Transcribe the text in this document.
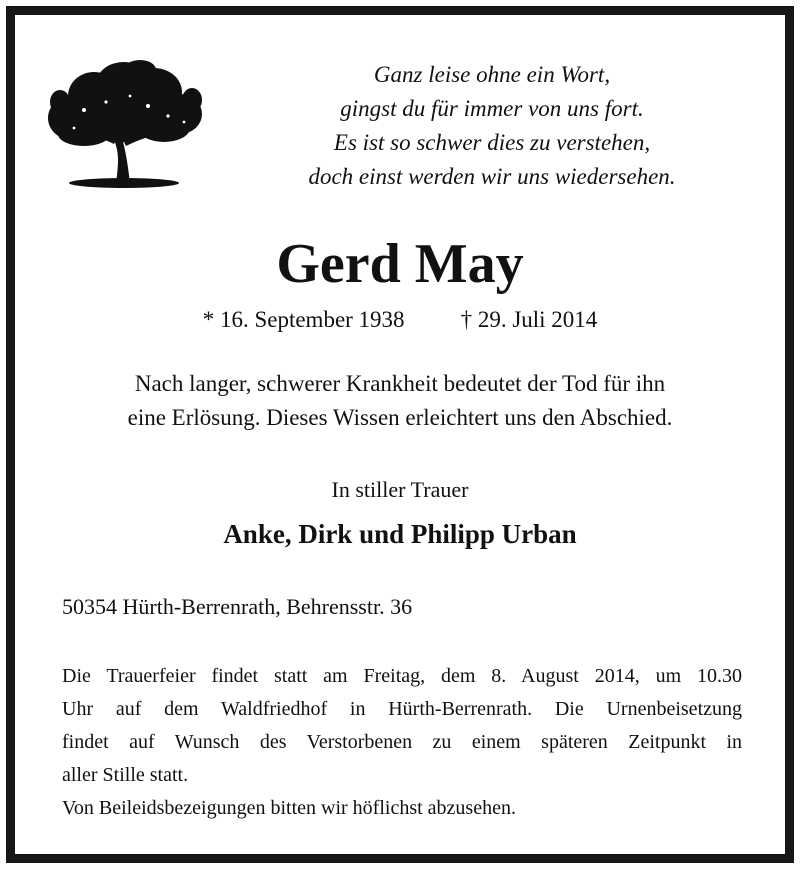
Ganz leise ohne ein Wort,
gingst du für immer von uns fort.
Es ist so schwer dies zu verstehen,
doch einst werden wir uns wiedersehen.
Gerd May
* 16. September 1938 † 29. Juli 2014
Nach langer, schwerer Krankheit bedeutet der Tod für ihn
eine Erlösung. Dieses Wissen erleichtert uns den Abschied.
In stiller Trauer
Anke, Dirk und Philipp Urban
50354 Hürth-Berrenrath, Behrensstr. 36
Die Trauerfeier findet statt am Freitag, dem 8. August 2014, um 10.30
Uhr auf dem Waldfriedhof in Hürth-Berrenrath. Die Urnenbeisetzung
findet auf Wunsch des Verstorbenen zu einem späteren Zeitpunkt in
aller Stille statt.
Von Beileidsbezeigungen bitten wir höflichst abzusehen.
